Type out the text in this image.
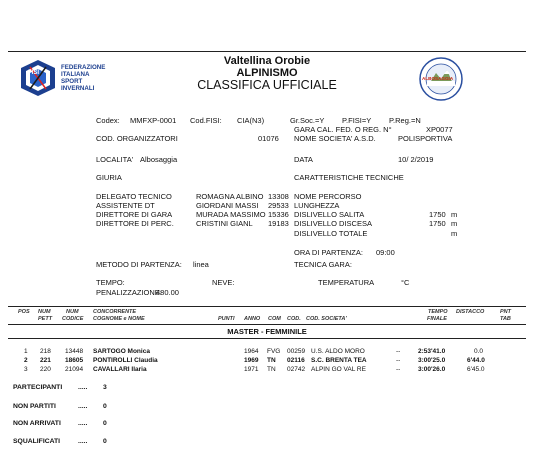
FISI
FEDERAZIONE
ITALIANA
SPORT
INVERNALI
Valtellina Orobie
ALPINISMO
CLASSIFICA UFFICIALE	ALBOSAGGIA
Codex: MMFXP-0001 Cod.FISI: CIA(N3)	Gr.Soc.=Y P.FISI=Y P.Reg.=N
GARA CAL. FED. O REG. N°	XP0077
COD. ORGANIZZATORI	01076 NOME SOCIETA' A.S.D.	POLISPORTIVA
LOCALITA' Albosaggia	DATA	10/ 2/2019
GIURIA	CARATTERISTICHE TECNICHE
DELEGATO TECNICO	ROMAGNA ALBINO 13308
ASSISTENTE DT	GIORDANI MASSI 29533
DIRETTORE DI GARA	MURADA MASSIMO 15336
DIRETTORE DI PERC.	CRISTINI GIANL 19183
NOME PERCORSO
LUNGHEZZA
DISLIVELLO SALITA	1750 m
DISLIVELLO DISCESA	1750 m
DISLIVELLO TOTALE	m
ORA DI PARTENZA: 09:00
METODO DI PARTENZA: linea	TECNICA GARA:
TEMPO:	NEVE:	TEMPERATURA	°C
PENALIZZAZIONE:
480.00
POS NUM
PETT
NUM
CODICE
CONCORRENTE
COGNOME e NOME	PUNTI ANNO COM COD. COD. SOCIETA'
TEMPO
FINALE
DISTACCO	PNT
TAB
MASTER - FEMMINILE
1 218 13448 SARTOGO Monica	1964 FVG 00259 U.S. ALDO MORO	--	2:53'41.0	0.0
2 221 18605 PONTIROLLI Claudia	1969 TN 02116 S.C. BRENTA TEA	--	3:00'25.0	6'44.0
3 220 21094 CAVALLARI Ilaria	1971 TN 02742 ALPIN GO VAL RE	--	3:00'26.0	6'45.0
PARTECIPANTI ..... 3
NON PARTITI	..... 0
NON ARRIVATI	..... 0
SQUALIFICATI	..... 0
